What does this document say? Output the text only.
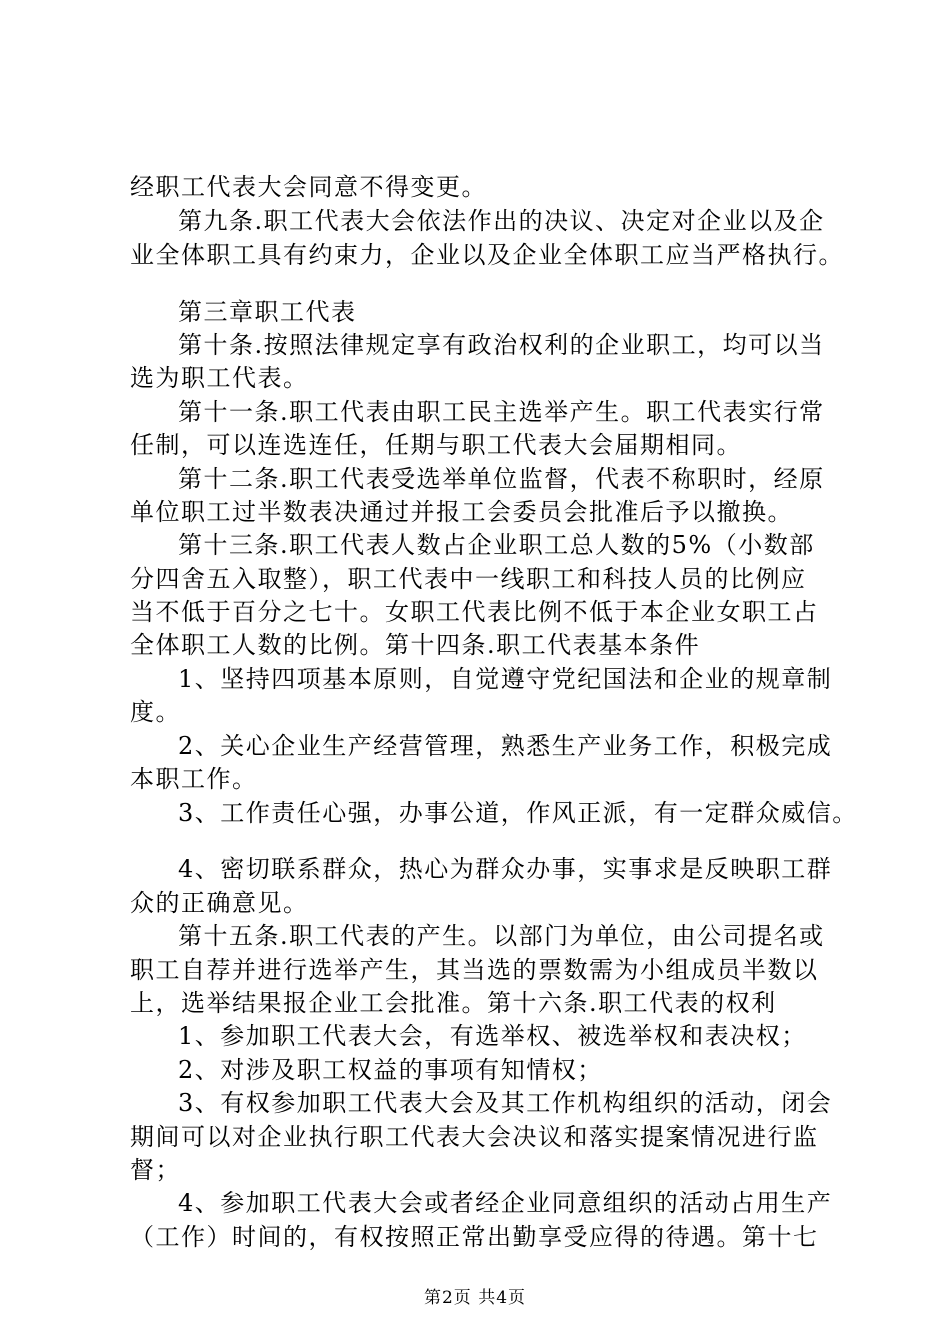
经职工代表大会同意不得变更。
第九条.职工代表大会依法作出的决议、决定对企业以及企
业全体职工具有约束力，企业以及企业全体职工应当严格执行。
第三章职工代表
第十条.按照法律规定享有政治权利的企业职工，均可以当
选为职工代表。
第十一条.职工代表由职工民主选举产生。职工代表实行常
任制，可以连选连任，任期与职工代表大会届期相同。
第十二条.职工代表受选举单位监督，代表不称职时，经原
单位职工过半数表决通过并报工会委员会批准后予以撤换。
第十三条.职工代表人数占企业职工总人数的5%（小数部
分四舍五入取整），职工代表中一线职工和科技人员的比例应
当不低于百分之七十。女职工代表比例不低于本企业女职工占
全体职工人数的比例。第十四条.职工代表基本条件
1、坚持四项基本原则，自觉遵守党纪国法和企业的规章制
度。
2、关心企业生产经营管理，熟悉生产业务工作，积极完成
本职工作。
3、工作责任心强，办事公道，作风正派，有一定群众威信。
4、密切联系群众，热心为群众办事，实事求是反映职工群
众的正确意见。
第十五条.职工代表的产生。以部门为单位，由公司提名或
职工自荐并进行选举产生，其当选的票数需为小组成员半数以
上，选举结果报企业工会批准。第十六条.职工代表的权利
1、参加职工代表大会，有选举权、被选举权和表决权；
2、对涉及职工权益的事项有知情权；
3、有权参加职工代表大会及其工作机构组织的活动，闭会
期间可以对企业执行职工代表大会决议和落实提案情况进行监
督；
4、参加职工代表大会或者经企业同意组织的活动占用生产
（工作）时间的，有权按照正常出勤享受应得的待遇。第十七
第2页 共4页
